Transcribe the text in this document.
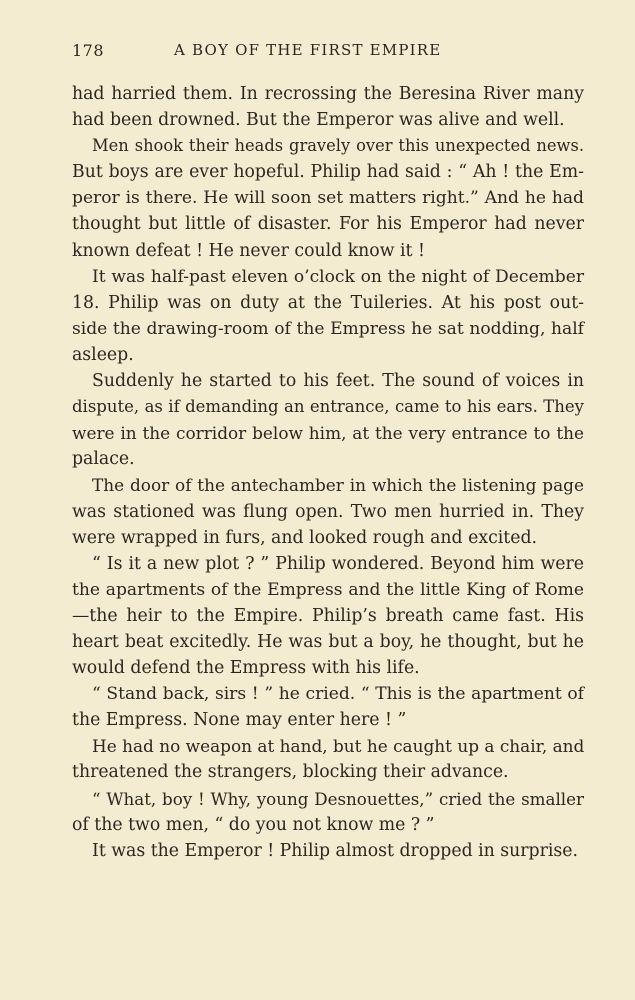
178	A BOY OF THE FIRST EMPIRE
had harried them. In recrossing the Beresina River many
had been drowned. But the Emperor was alive and well.
Men shook their heads gravely over this unexpected news.
But boys are ever hopeful. Philip had said : “ Ah ! the Em-
peror is there. He will soon set matters right.” And he had
thought but little of disaster. For his Emperor had never
known defeat ! He never could know it !
It was half-past eleven o’clock on the night of December
18. Philip was on duty at the Tuileries. At his post out-
side the drawing-room of the Empress he sat nodding, half
asleep.
Suddenly he started to his feet. The sound of voices in
dispute, as if demanding an entrance, came to his ears. They
were in the corridor below him, at the very entrance to the
palace.
The door of the antechamber in which the listening page
was stationed was flung open. Two men hurried in. They
were wrapped in furs, and looked rough and excited.
“ Is it a new plot ? ” Philip wondered. Beyond him were
the apartments of the Empress and the little King of Rome
—the heir to the Empire. Philip’s breath came fast. His
heart beat excitedly. He was but a boy, he thought, but he
would defend the Empress with his life.
“ Stand back, sirs ! ” he cried. “ This is the apartment of
the Empress. None may enter here ! ”
He had no weapon at hand, but he caught up a chair, and
threatened the strangers, blocking their advance.
“ What, boy ! Why, young Desnouettes,” cried the smaller
of the two men, “ do you not know me ? ”
It was the Emperor ! Philip almost dropped in surprise.
